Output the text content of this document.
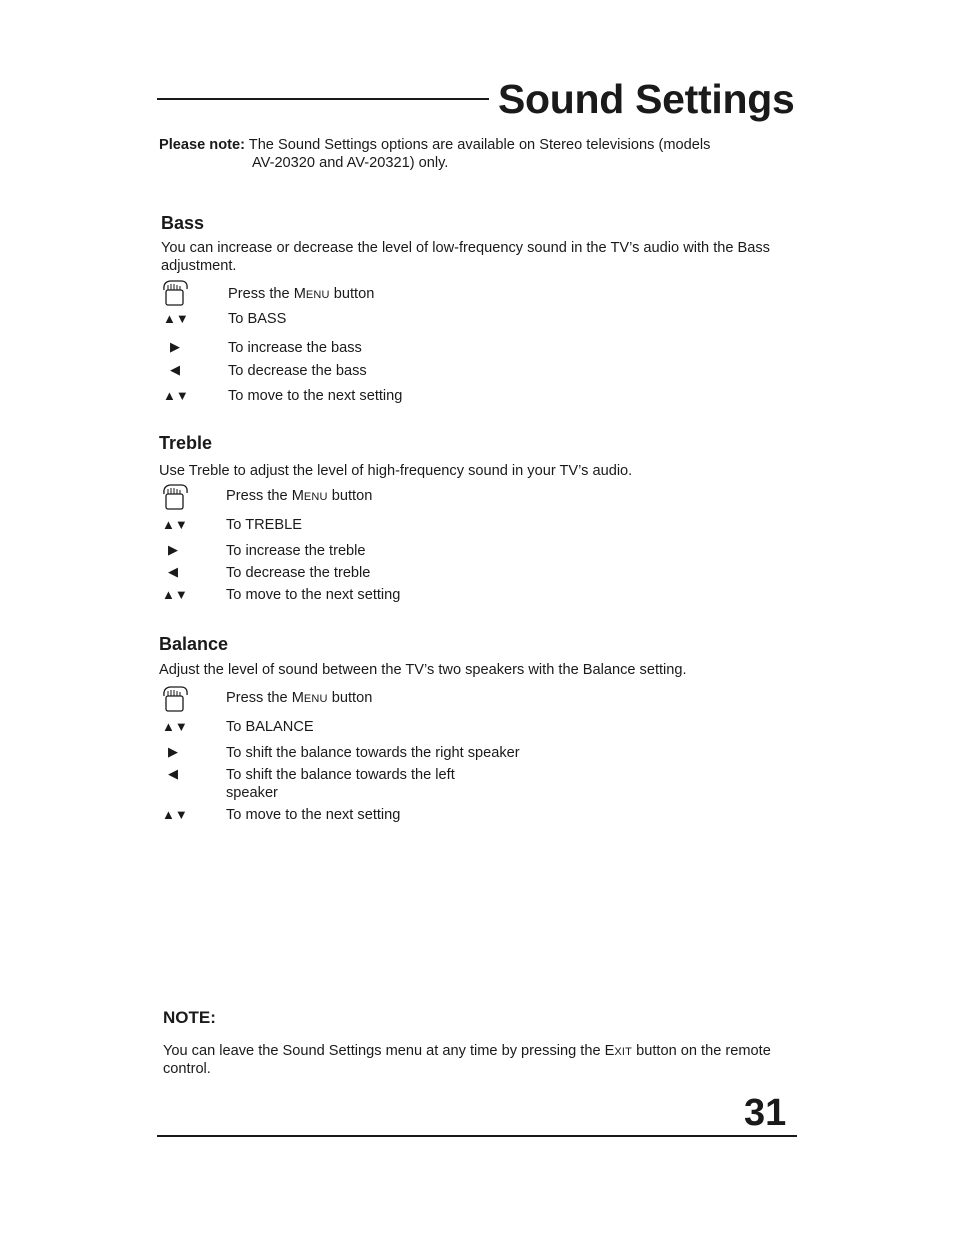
Sound Settings
Please note: The Sound Settings options are available on Stereo televisions (models
AV-20320 and AV-20321) only.
Bass
You can increase or decrease the level of low-frequency sound in the TV’s audio with the Bass
adjustment.
Press the MENU button
▲▼	To BASS
▶	To increase the bass
◀	To decrease the bass
▲▼	To move to the next setting
Treble
Use Treble to adjust the level of high-frequency sound in your TV’s audio.
Press the MENU button
▲▼	To TREBLE
▶	To increase the treble
◀	To decrease the treble
▲▼	To move to the next setting
Balance
Adjust the level of sound between the TV’s two speakers with the Balance setting.
Press the MENU button
▲▼	To BALANCE
▶	To shift the balance towards the right speaker
◀	To shift the balance towards the left
speaker
▲▼	To move to the next setting
NOTE:
You can leave the Sound Settings menu at any time by pressing the EXIT button on the remote
control.
31
